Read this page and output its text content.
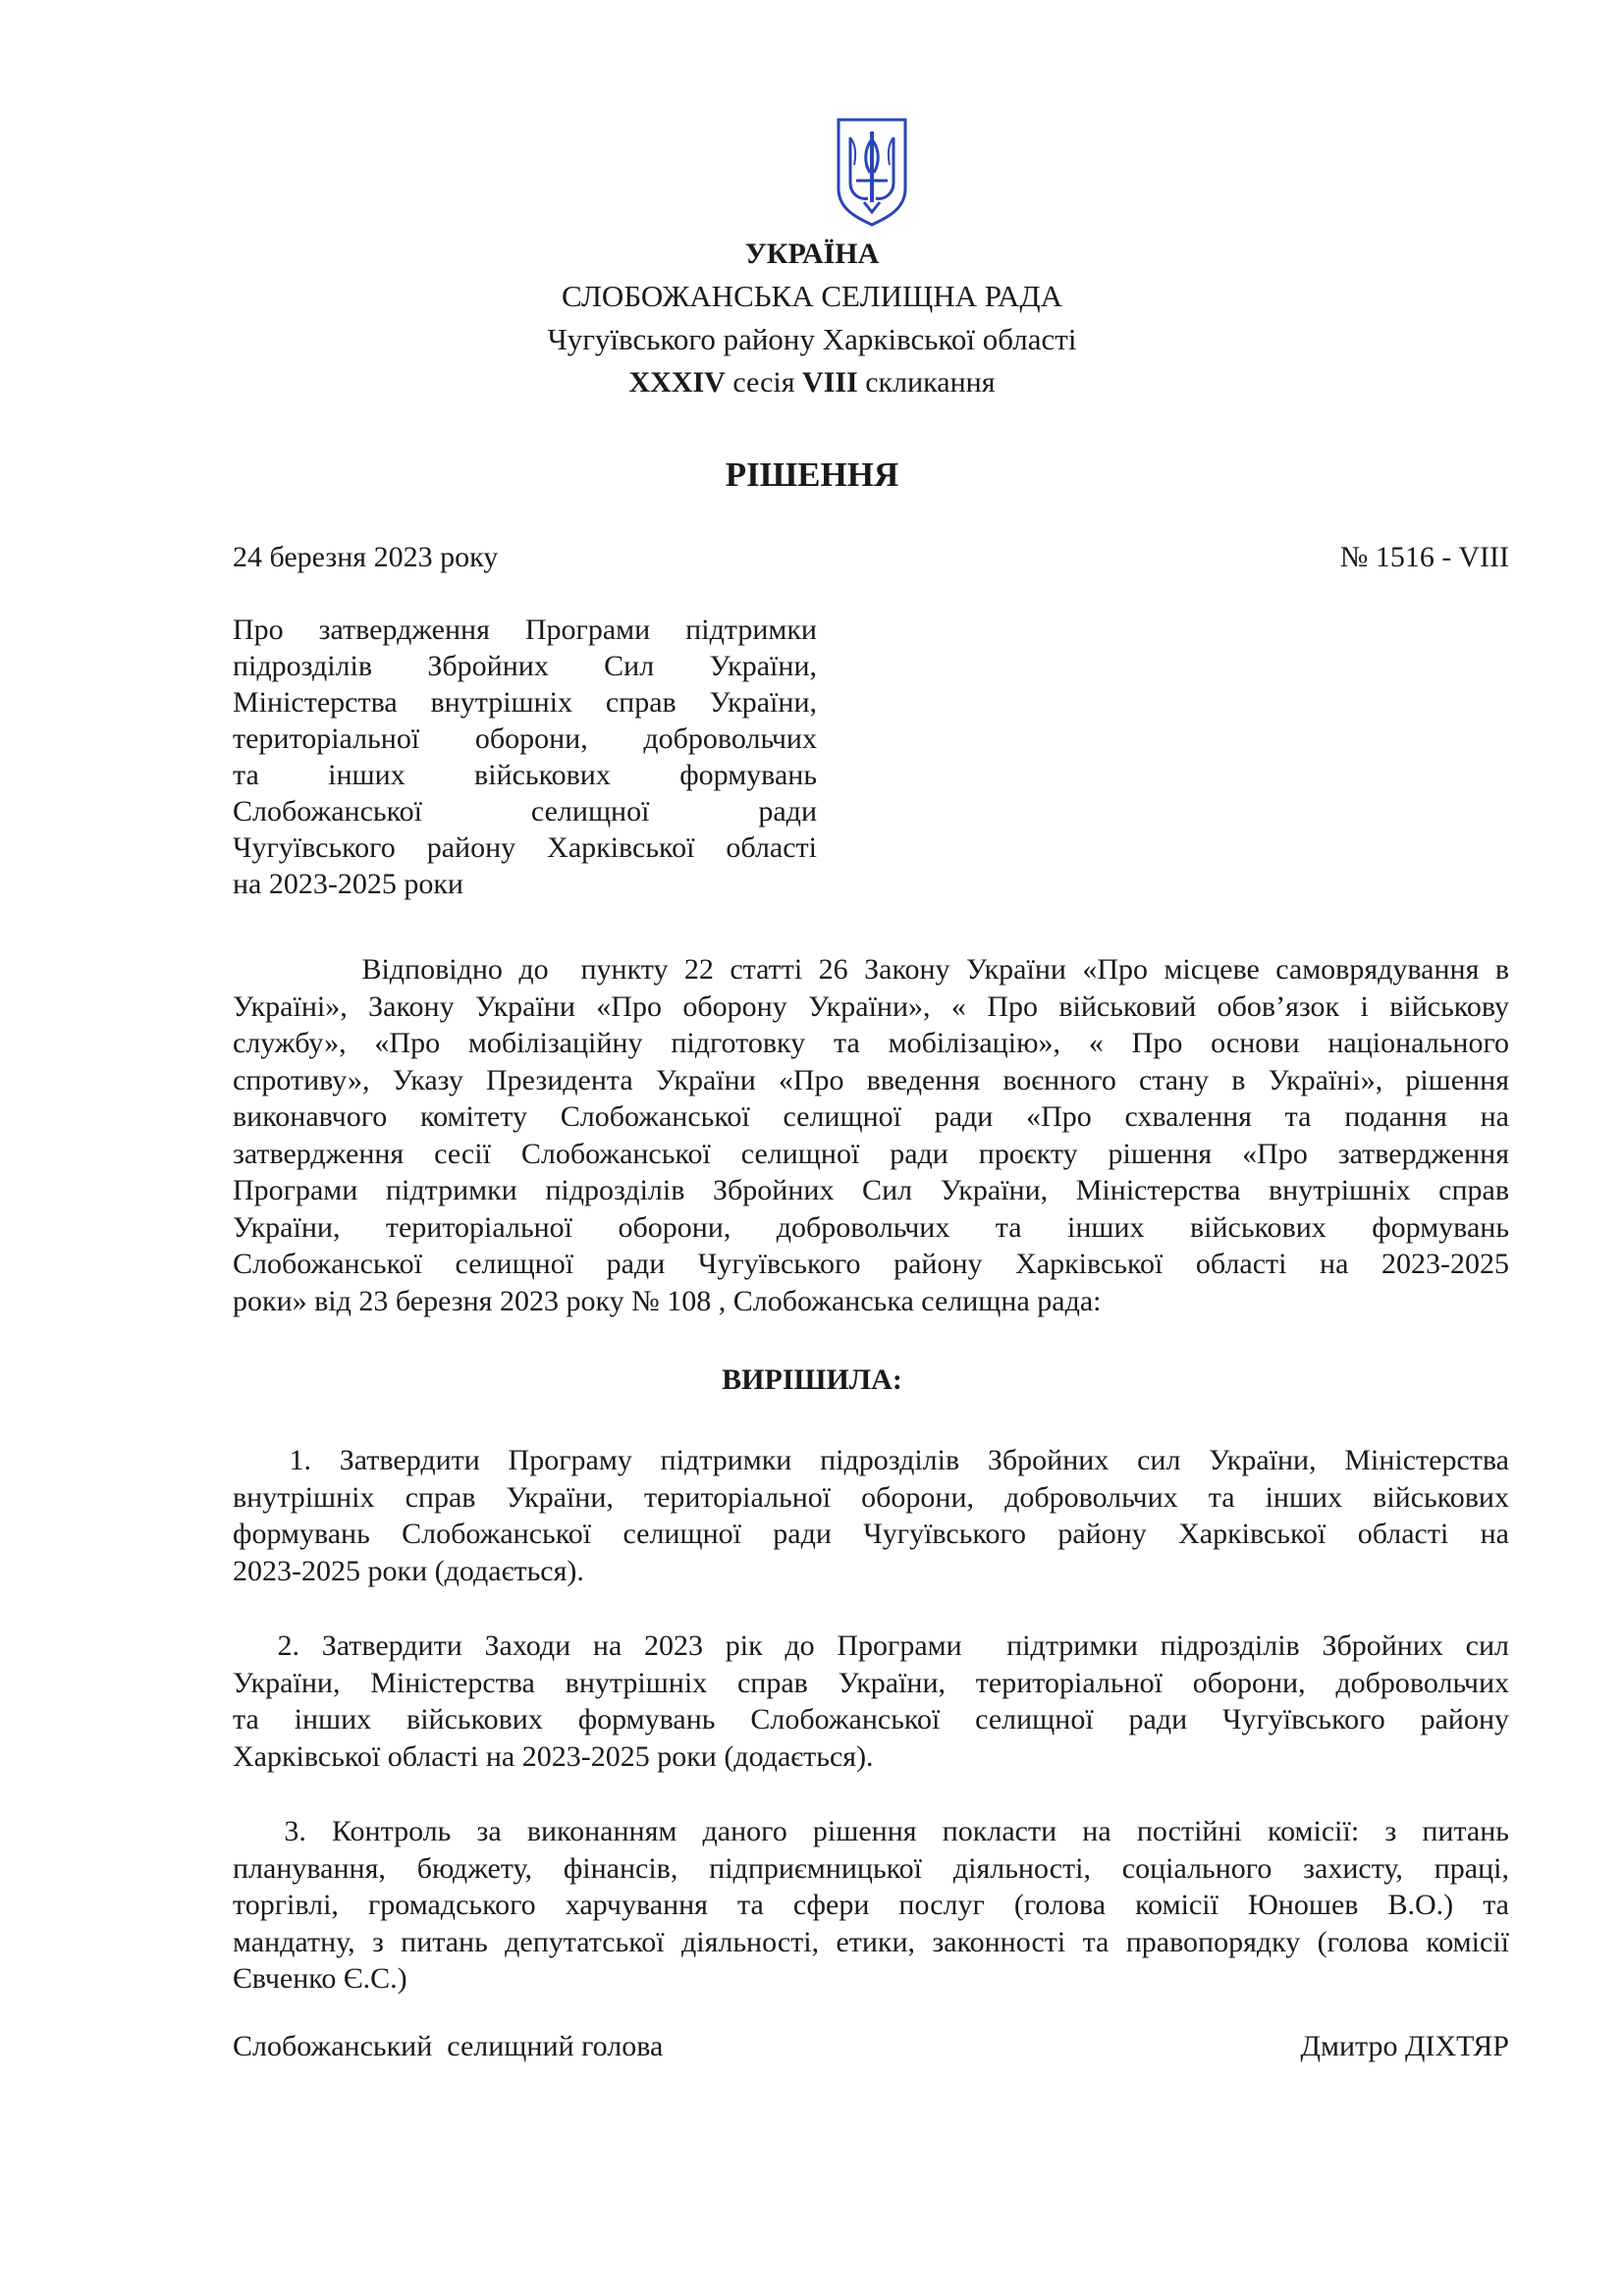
УКРАЇНА
СЛОБОЖАНСЬКА СЕЛИЩНА РАДА
Чугуївського району Харківської області
XXXIV сесія VIII скликання
РІШЕННЯ
24 березня 2023 року	№ 1516 - VIII
Про затвердження Програми підтримки
підрозділів Збройних Сил України,
Міністерства внутрішніх справ України,
територіальної оборони, добровольчих
та інших військових формувань
Слобожанської селищної ради
Чугуївського району Харківської області
на 2023-2025 роки
Відповідно до  пункту 22 статті 26 Закону України «Про місцеве самоврядування в
Україні», Закону України «Про оборону України», « Про військовий обов’язок і військову
службу», «Про мобілізаційну підготовку та мобілізацію», « Про основи національного
спротиву», Указу Президента України «Про введення воєнного стану в Україні», рішення
виконавчого комітету Слобожанської селищної ради «Про схвалення та подання на
затвердження сесії Слобожанської селищної ради проєкту рішення «Про затвердження
Програми підтримки підрозділів Збройних Сил України, Міністерства внутрішніх справ
України, територіальної оборони, добровольчих та інших військових формувань
Слобожанської селищної ради Чугуївського району Харківської області на 2023-2025
роки» від 23 березня 2023 року № 108 , Слобожанська селищна рада:
ВИРІШИЛА:
1. Затвердити Програму підтримки підрозділів Збройних сил України, Міністерства
внутрішніх справ України, територіальної оборони, добровольчих та інших військових
формувань Слобожанської селищної ради Чугуївського району Харківської області на
2023-2025 роки (додається).
2. Затвердити Заходи на 2023 рік до Програми  підтримки підрозділів Збройних сил
України, Міністерства внутрішніх справ України, територіальної оборони, добровольчих
та інших військових формувань Слобожанської селищної ради Чугуївського району
Харківської області на 2023-2025 роки (додається).
3. Контроль за виконанням даного рішення покласти на постійні комісії: з питань
планування, бюджету, фінансів, підприємницької діяльності, соціального захисту, праці,
торгівлі, громадського харчування та сфери послуг (голова комісії Юношев В.О.) та
мандатну, з питань депутатської діяльності, етики, законності та правопорядку (голова комісії
Євченко Є.С.)
Слобожанський  селищний голова	Дмитро ДІХТЯР
